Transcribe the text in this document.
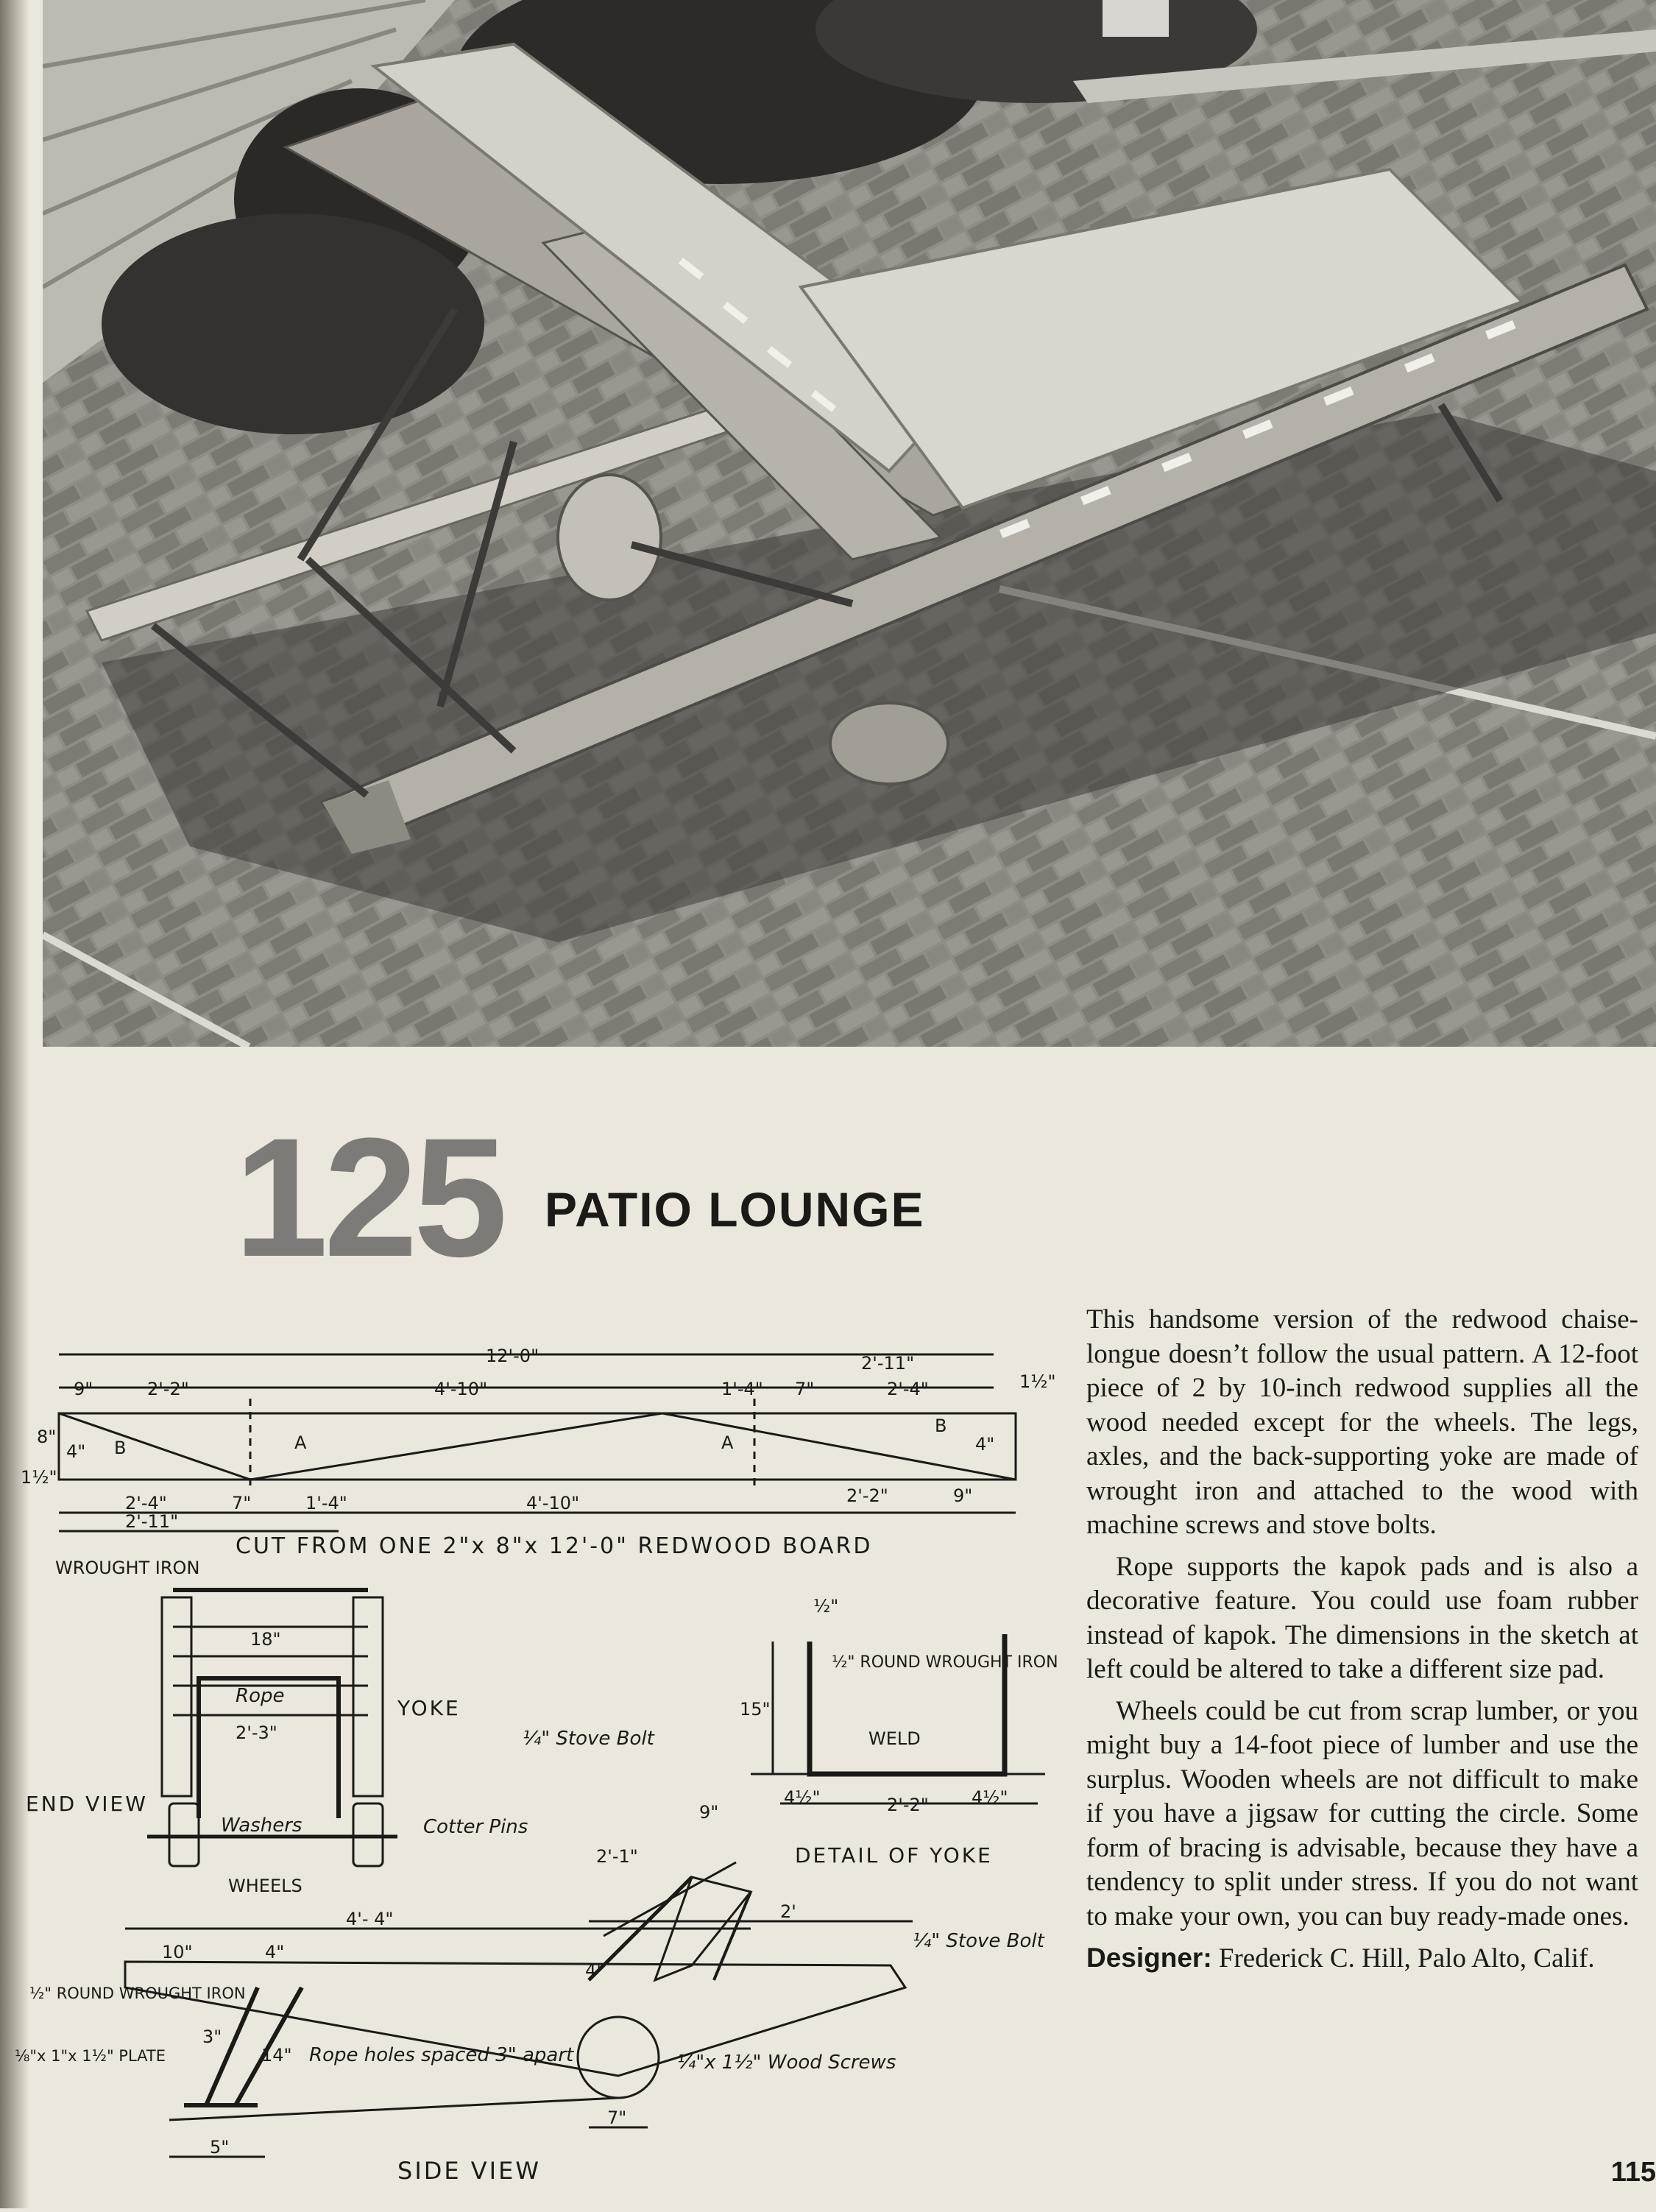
125 PATIO LOUNGE
12'-0"
9"	2'-2"	4'-10"	1'-4" 7"	2'-4"
2'-11"
1½"
8"
4"
1½"
4"
B	A	A
B
2'-4"	7"	1'-4"	4'-10"	2'-2"	9"
2'-11"
CUT FROM ONE 2"x 8"x 12'-0" REDWOOD BOARD
WROUGHT IRON
18"
Rope	YOKE
2'-3"
END VIEW
Washers	Cotter Pins
WHEELS
½"
½" ROUND WROUGHT IRON
15"
WELD
4½"	2'-2" 4½"
DETAIL OF YOKE
¼" Stove Bolt
9"
2'-1"
4'- 4"	2'
¼" Stove Bolt
10"	4"
4"
½" ROUND WROUGHT IRON
⅛"x 1"x 1½" PLATE
3"
14" Rope holes spaced 3" apart	¼"x 1½" Wood Screws
7"
5"
SIDE VIEW

This handsome version of the redwood chaise-longue doesn’t follow the usual pattern. A 12-foot piece of 2 by 10-inch redwood supplies all the wood needed except for the wheels. The legs, axles, and the back-supporting yoke are made of wrought iron and attached to the wood with machine screws and stove bolts.

Rope supports the kapok pads and is also a decorative feature. You could use foam rubber instead of kapok. The dimensions in the sketch at left could be altered to take a different size pad.

Wheels could be cut from scrap lumber, or you might buy a 14-foot piece of lumber and use the surplus. Wooden wheels are not difficult to make if you have a jigsaw for cutting the circle. Some form of bracing is advisable, because they have a tendency to split under stress. If you do not want to make your own, you can buy ready-made ones.

Designer: Frederick C. Hill, Palo Alto, Calif.

115
